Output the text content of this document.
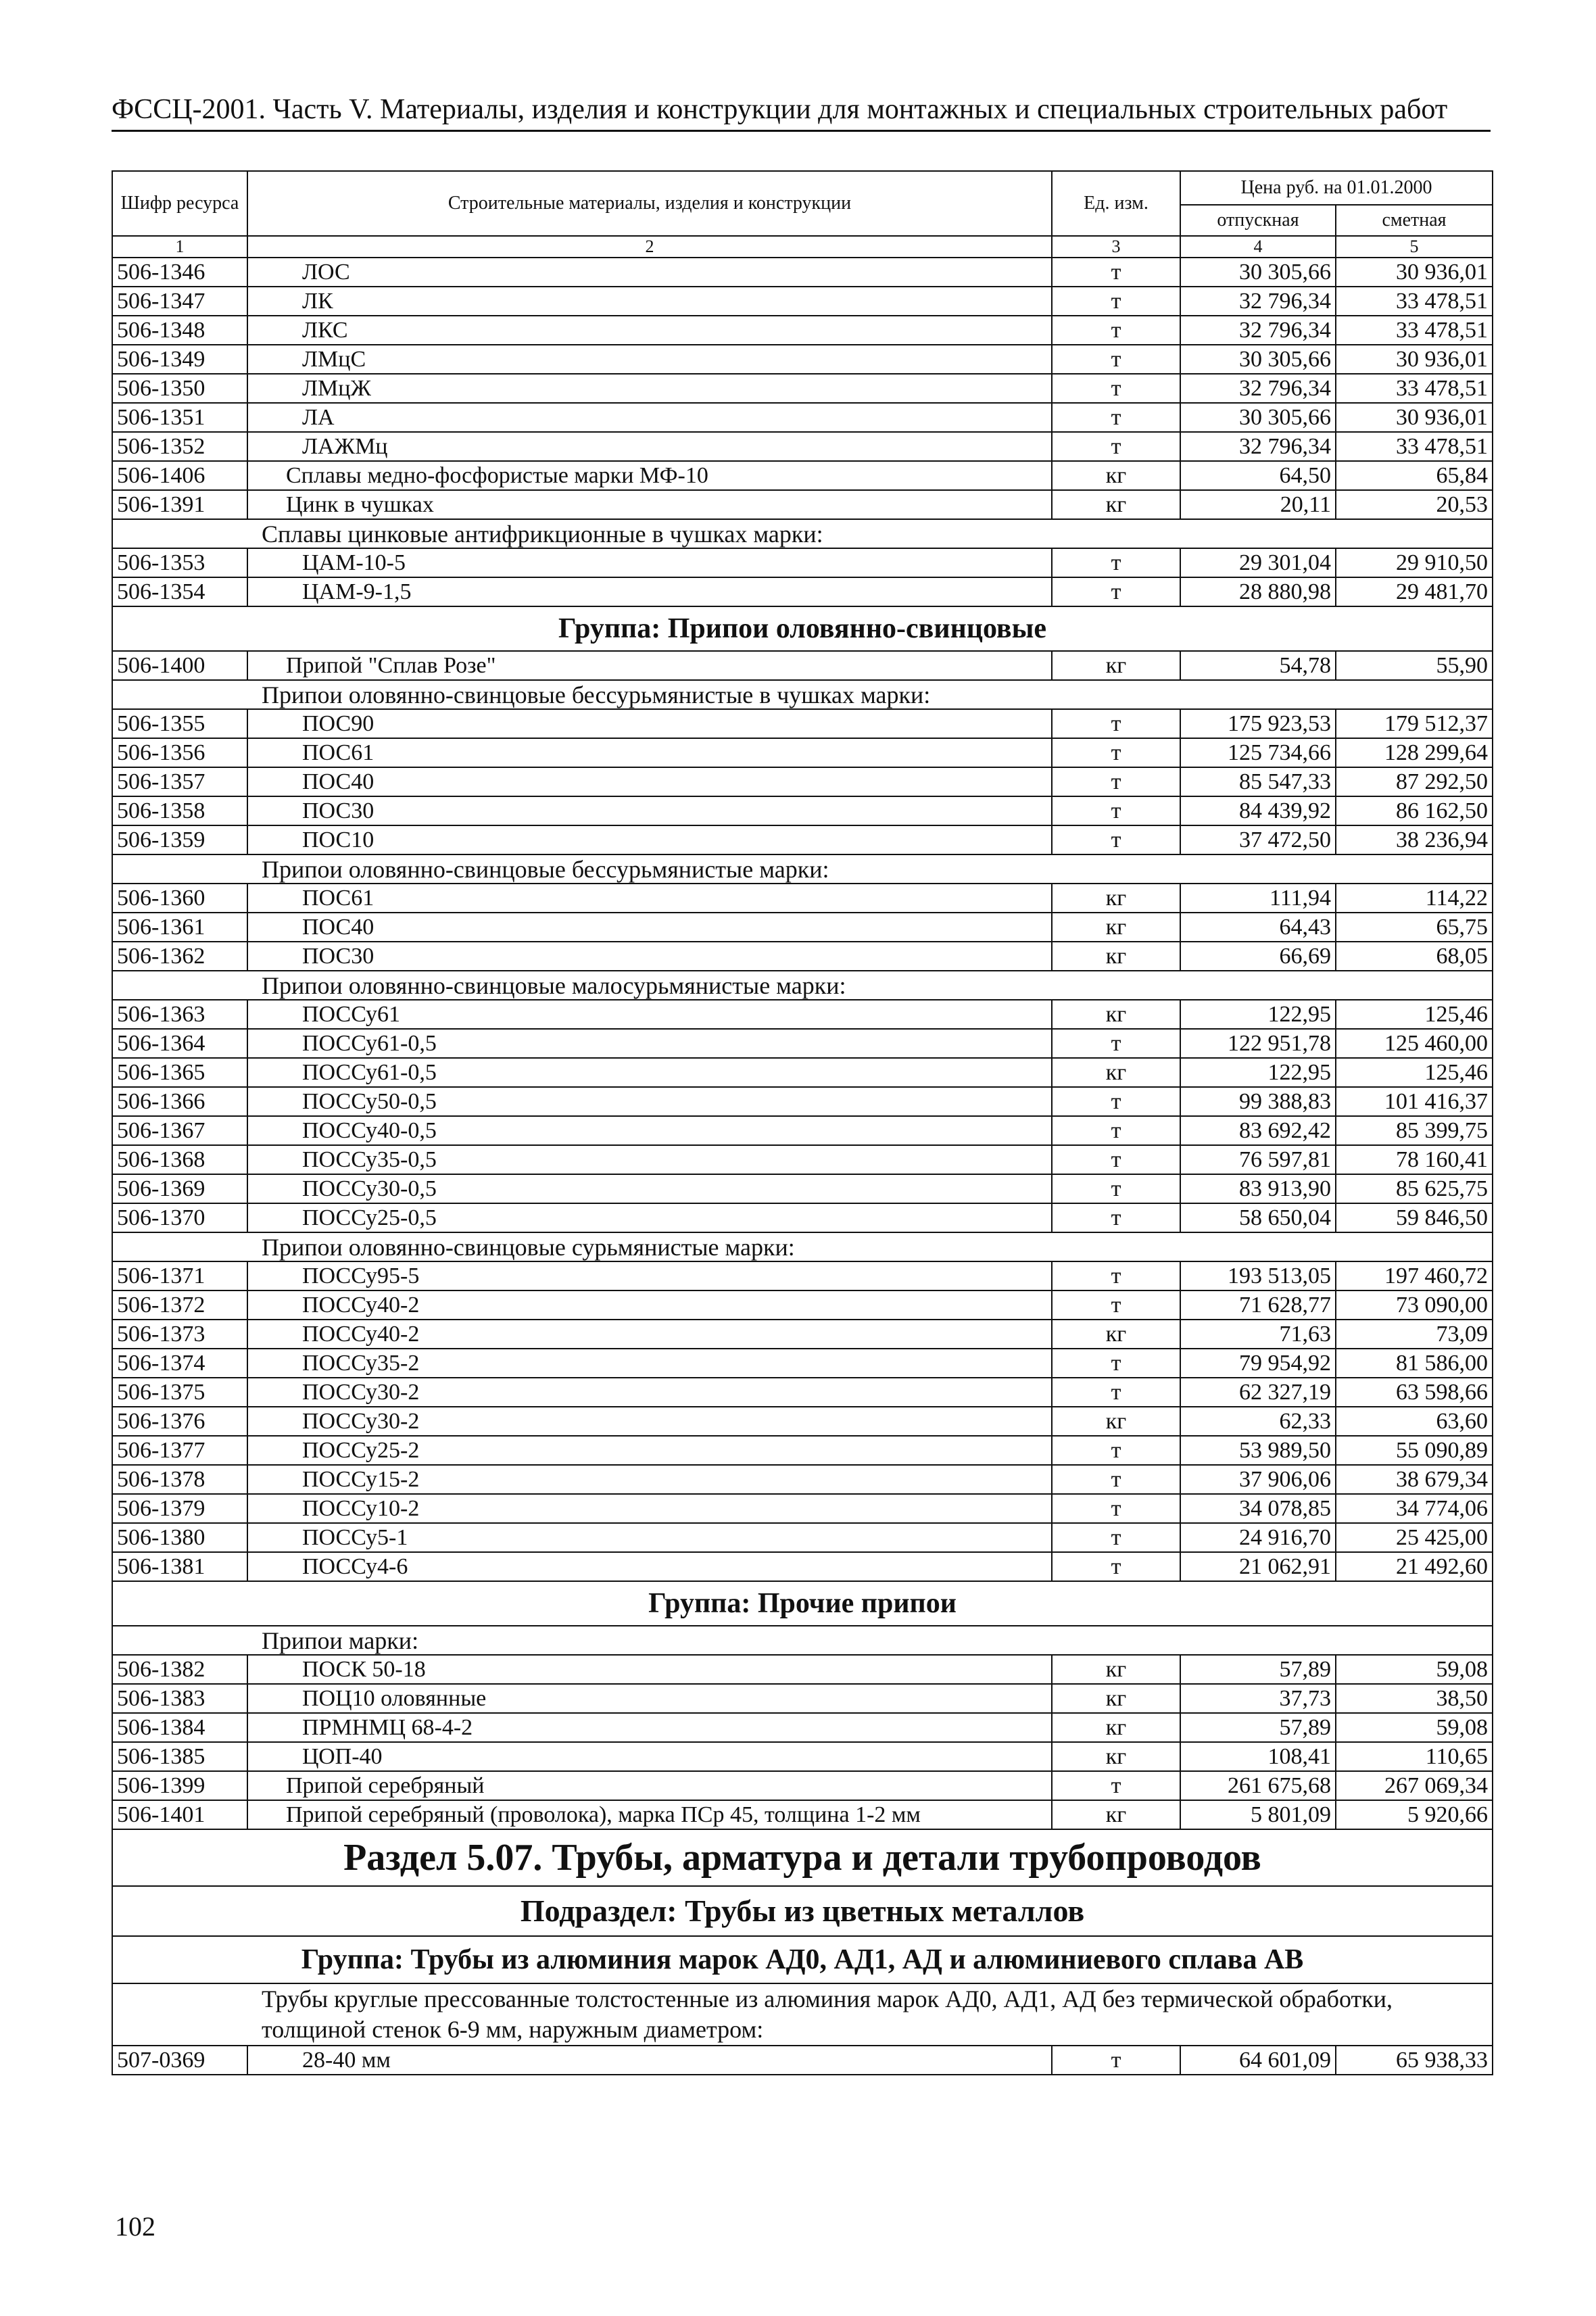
ФССЦ-2001. Часть V. Материалы, изделия и конструкции для монтажных и специальных строительных работ
Шифр ресурса	Строительные материалы, изделия и конструкции	Ед. изм.	Цена руб. на 01.01.2000	
			отпускная	сметная
1	2	3	4	5
506-1346	ЛОС	т	30 305,66	30 936,01
506-1347	ЛК	т	32 796,34	33 478,51
506-1348	ЛКС	т	32 796,34	33 478,51
506-1349	ЛМцС	т	30 305,66	30 936,01
506-1350	ЛМцЖ	т	32 796,34	33 478,51
506-1351	ЛА	т	30 305,66	30 936,01
506-1352	ЛАЖМц	т	32 796,34	33 478,51
506-1406	Сплавы медно-фосфористые марки МФ-10	кг	64,50	65,84
506-1391	Цинк в чушках	кг	20,11	20,53
Сплавы цинковые антифрикционные в чушках марки:				
506-1353	ЦАМ-10-5	т	29 301,04	29 910,50
506-1354	ЦАМ-9-1,5	т	28 880,98	29 481,70
Группа: Припои оловянно-свинцовые				
506-1400	Припой "Сплав Розе"	кг	54,78	55,90
Припои оловянно-свинцовые бессурьмянистые в чушках марки:				
506-1355	ПОС90	т	175 923,53	179 512,37
506-1356	ПОС61	т	125 734,66	128 299,64
506-1357	ПОС40	т	85 547,33	87 292,50
506-1358	ПОС30	т	84 439,92	86 162,50
506-1359	ПОС10	т	37 472,50	38 236,94
Припои оловянно-свинцовые бессурьмянистые марки:				
506-1360	ПОС61	кг	111,94	114,22
506-1361	ПОС40	кг	64,43	65,75
506-1362	ПОС30	кг	66,69	68,05
Припои оловянно-свинцовые малосурьмянистые марки:				
506-1363	ПОССу61	кг	122,95	125,46
506-1364	ПОССу61-0,5	т	122 951,78	125 460,00
506-1365	ПОССу61-0,5	кг	122,95	125,46
506-1366	ПОССу50-0,5	т	99 388,83	101 416,37
506-1367	ПОССу40-0,5	т	83 692,42	85 399,75
506-1368	ПОССу35-0,5	т	76 597,81	78 160,41
506-1369	ПОССу30-0,5	т	83 913,90	85 625,75
506-1370	ПОССу25-0,5	т	58 650,04	59 846,50
Припои оловянно-свинцовые сурьмянистые марки:				
506-1371	ПОССу95-5	т	193 513,05	197 460,72
506-1372	ПОССу40-2	т	71 628,77	73 090,00
506-1373	ПОССу40-2	кг	71,63	73,09
506-1374	ПОССу35-2	т	79 954,92	81 586,00
506-1375	ПОССу30-2	т	62 327,19	63 598,66
506-1376	ПОССу30-2	кг	62,33	63,60
506-1377	ПОССу25-2	т	53 989,50	55 090,89
506-1378	ПОССу15-2	т	37 906,06	38 679,34
506-1379	ПОССу10-2	т	34 078,85	34 774,06
506-1380	ПОССу5-1	т	24 916,70	25 425,00
506-1381	ПОССу4-6	т	21 062,91	21 492,60
Группа: Прочие припои				
Припои марки:				
506-1382	ПОСК 50-18	кг	57,89	59,08
506-1383	ПОЦ10 оловянные	кг	37,73	38,50
506-1384	ПРМНМЦ 68-4-2	кг	57,89	59,08
506-1385	ЦОП-40	кг	108,41	110,65
506-1399	Припой серебряный	т	261 675,68	267 069,34
506-1401	Припой серебряный (проволока), марка ПСр 45, толщина 1-2 мм	кг	5 801,09	5 920,66
Раздел 5.07. Трубы, арматура и детали трубопроводов				
Подраздел: Трубы из цветных металлов				
Группа: Трубы из алюминия марок АД0, АД1, АД и алюминиевого сплава АВ				
Трубы круглые прессованные толстостенные из алюминия марок АД0, АД1, АД без термической обработки, толщиной стенок 6-9 мм, наружным диаметром:				
507-0369	28-40 мм	т	64 601,09	65 938,33
102
